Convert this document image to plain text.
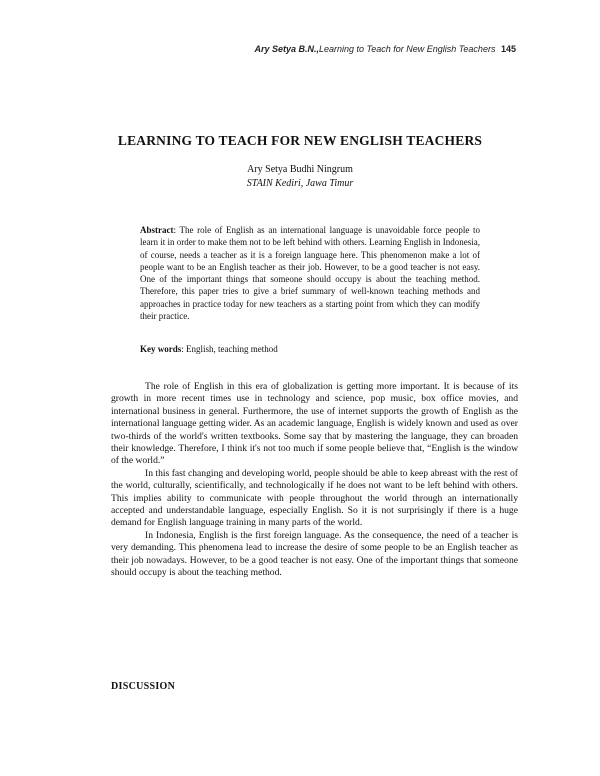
Ary Setya B.N.,Learning to Teach for New English Teachers 145
LEARNING TO TEACH FOR NEW ENGLISH TEACHERS
Ary Setya Budhi Ningrum
STAIN Kediri, Jawa Timur

Abstract: The role of English as an international language is unavoidable force people to learn it in order to make them not to be left behind with others. Learning English in Indonesia, of course, needs a teacher as it is a foreign language here. This phenomenon make a lot of people want to be an English teacher as their job. However, to be a good teacher is not easy. One of the important things that someone should occupy is about the teaching method. Therefore, this paper tries to give a brief summary of well-known teaching methods and approaches in practice today for new teachers as a starting point from which they can modify their practice.

Key words: English, teaching method

The role of English in this era of globalization is getting more important. It is because of its growth in more recent times use in technology and science, pop music, box office movies, and international business in general. Furthermore, the use of internet supports the growth of English as the international language getting wider. As an academic language, English is widely known and used as over two-thirds of the world's written textbooks. Some say that by mastering the language, they can broaden their knowledge. Therefore, I think it's not too much if some people believe that, “English is the window of the world.”

In this fast changing and developing world, people should be able to keep abreast with the rest of the world, culturally, scientifically, and technologically if he does not want to be left behind with others. This implies ability to communicate with people throughout the world through an internationally accepted and understandable language, especially English. So it is not surprisingly if there is a huge demand for English language training in many parts of the world.

In Indonesia, English is the first foreign language. As the consequence, the need of a teacher is very demanding. This phenomena lead to increase the desire of some people to be an English teacher as their job nowadays. However, to be a good teacher is not easy. One of the important things that someone should occupy is about the teaching method.

DISCUSSION
